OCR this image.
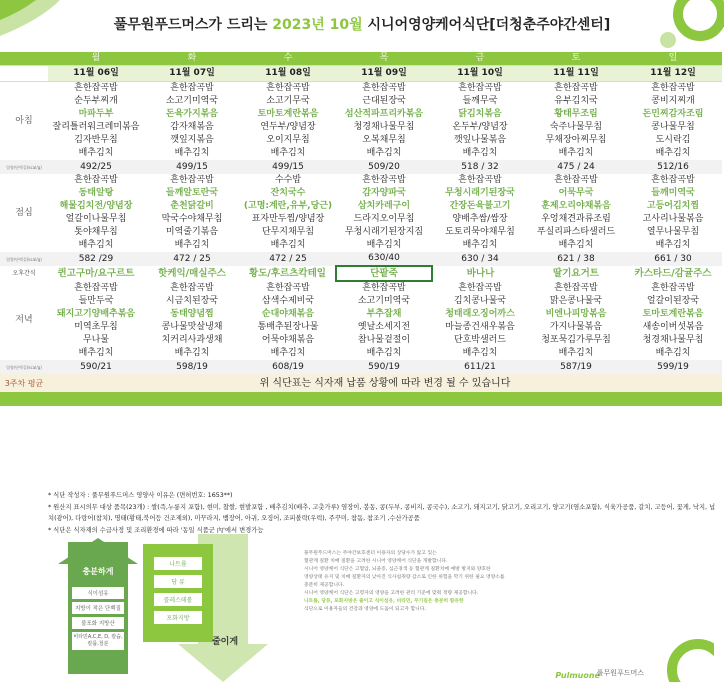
풀무원푸드머스가 드리는 2023년 10월 시니어영양케어식단[더청춘주야간센터]
	월	화	수	목	금	토	일
	11월 06일	11월 07일	11월 08일	11월 09일	11월 10일	11월 11일	11월 12일
아침	흔한잡곡밥	흔한잡곡밥	흔한잡곡밥	흔한잡곡밥	흔한잡곡밥	흔한잡곡밥	흔한잡곡밥
	순두부찌개	소고기미역국	소고기무국	근대된장국	들깨무국	유부김치국	콩비지찌개
	마파두부	돈육가지볶음	토마토계란볶음	섬산적파프리카볶음	닭김치볶음	황태무조림	돈민찌감자조림
	잘리틀러워크레미볶음	감자채볶음	연두부/양념장	청경채나물무침	온두부/양념장	숙주나물무침	콩나물무침
	김자반무침	깻잎지볶음	오이지무침	오복채무침	깻잎나물볶음	무채장아찌무침	도시락김
	배추김치	배추김치	배추김치	배추김치	배추김치	배추김치	배추김치
열량/단백질(kcal/g)	492/25	499/15	499/15	509/20	518 / 32	475 / 24	512/16
점심	흔한잡곡밥	흔한잡곡밥	수수밥	흔한잡곡밥	흔한잡곡밥	흔한잡곡밥	흔한잡곡밥
	동태알탕	들깨알토란국	잔치국수	감자양파국	무청시래기된장국	어묵무국	들깨미역국
	해물김치전/양념장	춘천닭갈비	(고명:계란,유부,당근)	삼치카레구이	간장돈육불고기	훈제오리야채볶음	고등어김치찜
	얼갈이나물무침	막국수야채무침	표자만두찜/양념장	드라지오이무침	양배추쌈/쌈장	우엉채견과류조림	고사리나물볶음
	톳야채무침	미역줄기볶음	단무지채무침	무청시래기된장지짐	도토리묵야채무침	푸실리파스타샐러드	열무나물무침
	배추김치	배추김치	배추김치	배추김치	배추김치	배추김치	배추김치
열량/단백질(kcal/g)	582 /29	472 / 25	472 / 25	630/40	630 / 34	621 / 38	661 / 30
오후간식	퀸고구마/요구르트	핫케익/매실주스	황도/후르츠칵테일	단팥죽	바나나	딸기요거트	카스타드/감귤주스
저녁	흔한잡곡밥	흔한잡곡밥	흔한잡곡밥	흔한잡곡밥	흔한잡곡밥	흔한잡곡밥	흔한잡곡밥
	들만두국	시금치된장국	삼색수제비국	소고기미역국	김치콩나물국	맑은콩나물국	얼갈이된장국
	돼지고기양배추볶음	동태양념찜	순대야채볶음	부추잡채	청태래오징어까스	비엔나피망볶음	토마토계란볶음
	미역초무침	콩나물맛살냉채	통배추된장나물	옛날소세지전	마늘종건새우볶음	가지나물볶음	새송이버섯볶음
	무나물	치커리사과생채	어묵야채볶음	참나물겉절이	단호박샐러드	청포묵김가루무침	청경채나물무침
	배추김치	배추김치	배추김치	배추김치	배추김치	배추김치	배추김치
열량/단백질(kcal/g)	590/21	598/19	608/19	590/19	611/21	587/19	599/19
3주차 평균	위 식단표는 식자재 납품 상황에 따라 변경 될 수 있습니다						

* 식단 작성자 : 풀무원푸드머스 영양사 이유은 (면허번호: 1653**)

* 원산지 표시의무 대상 품목(23개) : 쌀(즉,누룽지 포함), 현미, 찹쌀, 현발포함 , 배추김치(배추, 고춧가루) 염장이, 봉동, 콩(두부, 콩비지, 콩국수), 소고기, 돼지고기, 닭고기, 오리고기, 양고기(염소포함), 식육가공품, 갈치, 고등어, 꽃게, 낙지, 넙치(광어), 다랑어(참치), 명태(황태,북어등 건조제외), 미꾸라지, 뱀장어, 아귀, 오징어, 조피볼락(우럭), 주꾸미, 참돔, 참조기 ,수산가공품

* 식단은 식자재의 수급사정 및 조리환경에 따라 '동일 식품군 內'에서 변경가능

충분하게
식이섬유
지방이 적은 단백질
불포화 지방산
비타민A,C,E, D, 칼슘,칼륨,철분
나트륨
당 류
콜레스테롤
포화지방
줄이게
풀무원푸드머스는 주야간보호센터 이용자의 상당수가 앓고 있는
혈관계 질환 치매 질환을 고려한 시니어 영양케어 식단을 개발합니다.
시니어 영양케어 식단은 고혈압, 뇌졸증, 심근경색 등 혈관계 질환치매 예방 방지와 양호한
영양상태 유지 및 치매 질환자의 낮아진 식사섭취량 감소로 인한 위험을 막기 위한 필요 영양소를
충분히 제공합니다.
시니어 영양케어 식단은 고령자의 영양을 고려한 관리 기준에 맞춰 정량 제공합니다.
나트륨, 당류, 포화지방은 줄이고 식이섬유, 비타민, 무기질은 충분히 함유한
식단으로 이용자들의 건강과 영양에 도움이 되고자 합니다.
Pulmuone
풀무원푸드머스
